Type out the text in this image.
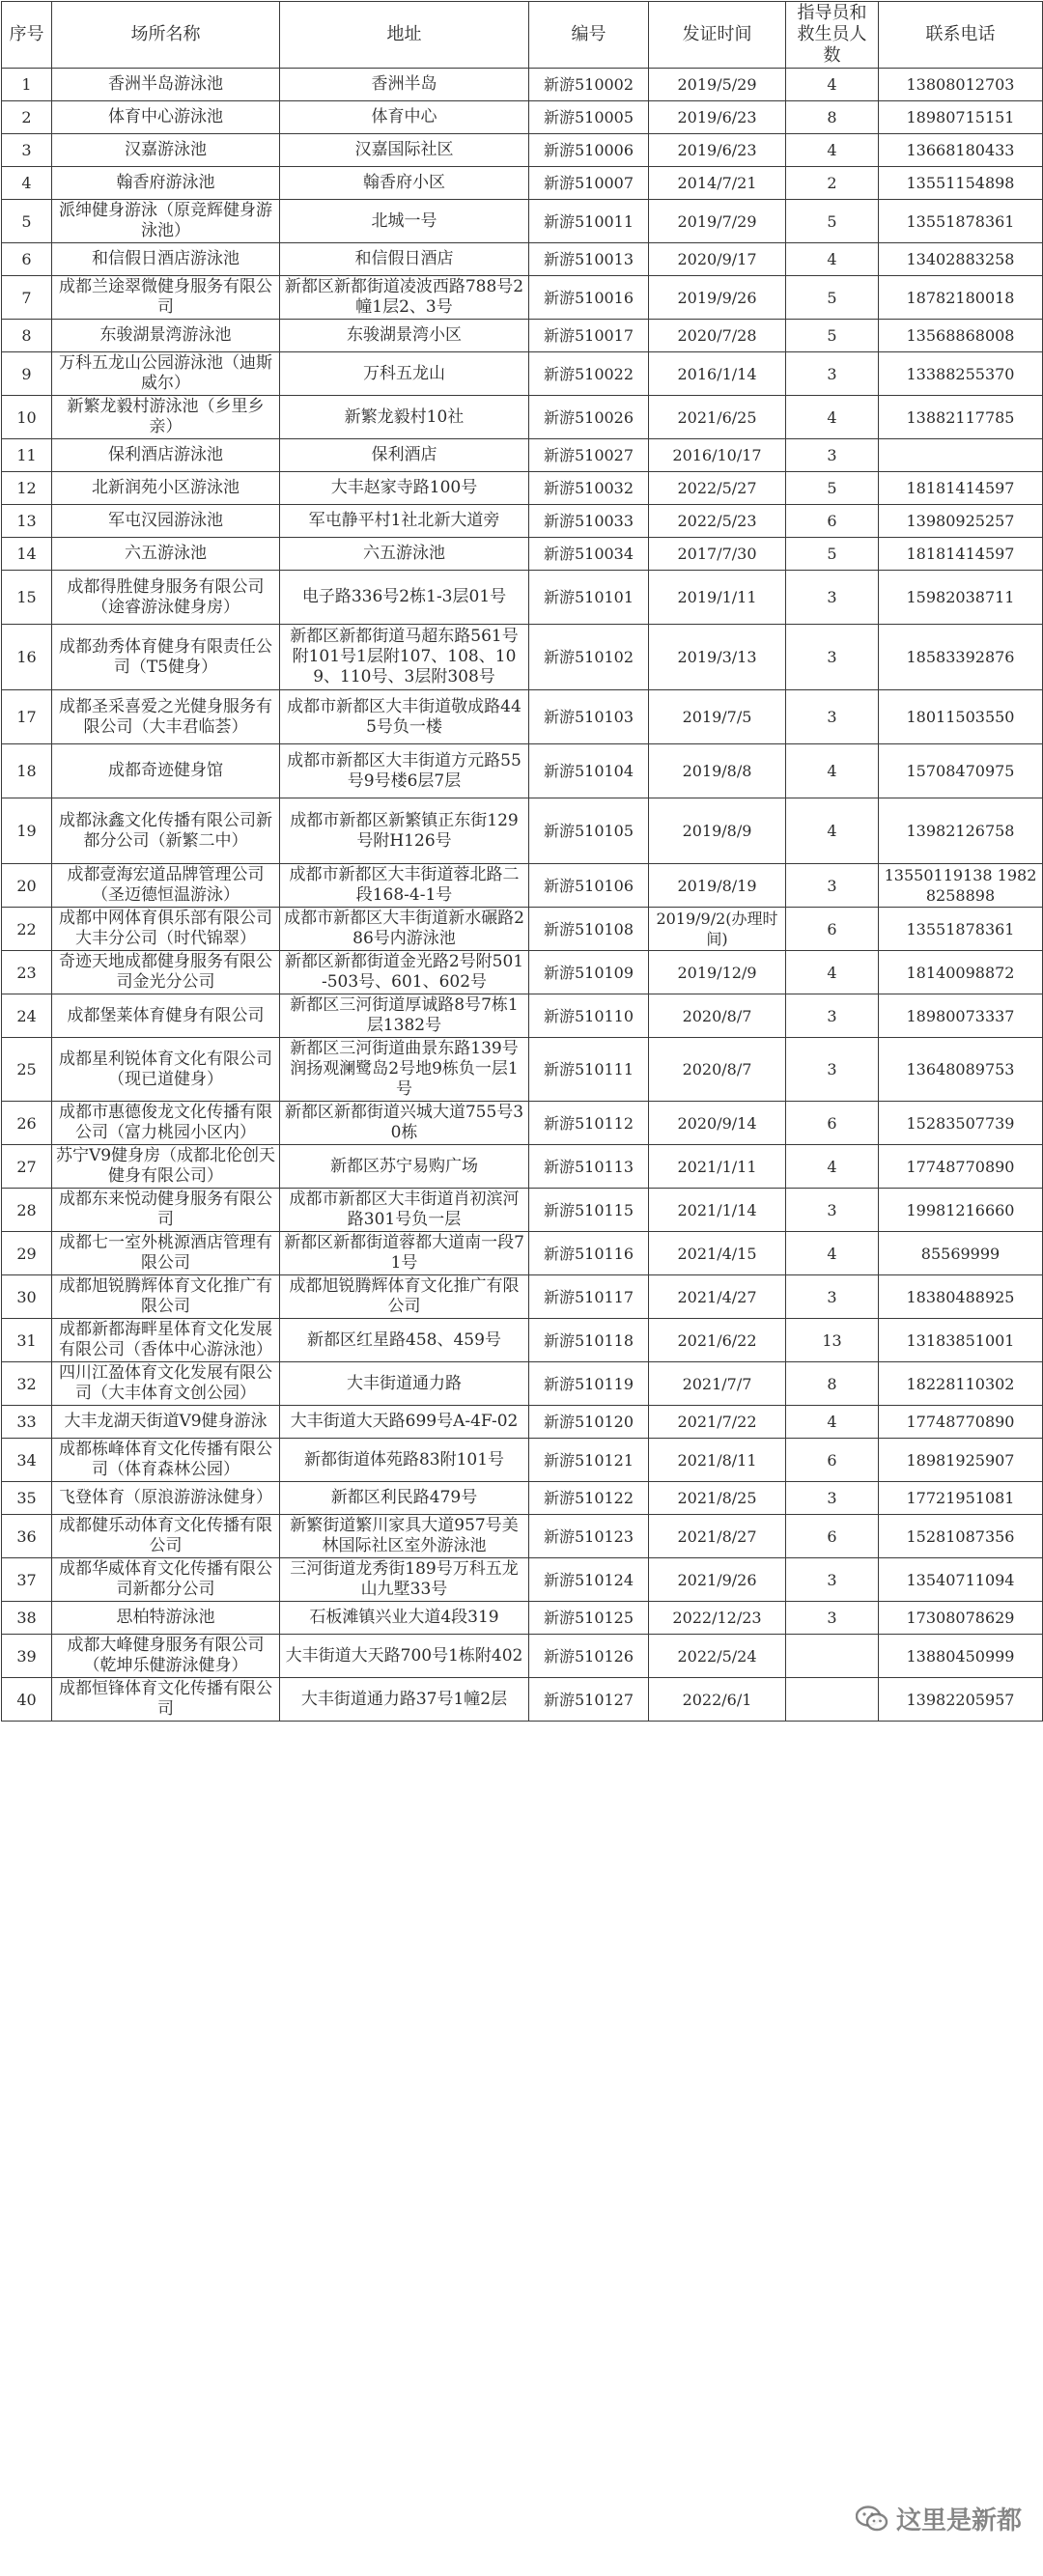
序号	场所名称	地址	编号	发证时间	指导员和救生员人数	联系电话
1	香洲半岛游泳池	香洲半岛	新游510002	2019/5/29	4	13808012703
2	体育中心游泳池	体育中心	新游510005	2019/6/23	8	18980715151
3	汉嘉游泳池	汉嘉国际社区	新游510006	2019/6/23	4	13668180433
4	翰香府游泳池	翰香府小区	新游510007	2014/7/21	2	13551154898
5	派绅健身游泳（原竞辉健身游泳池）	北城一号	新游510011	2019/7/29	5	13551878361
6	和信假日酒店游泳池	和信假日酒店	新游510013	2020/9/17	4	13402883258
7	成都兰途翠微健身服务有限公司	新都区新都街道凌波西路788号2幢1层2、3号	新游510016	2019/9/26	5	18782180018
8	东骏湖景湾游泳池	东骏湖景湾小区	新游510017	2020/7/28	5	13568868008
9	万科五龙山公园游泳池（迪斯威尔）	万科五龙山	新游510022	2016/1/14	3	13388255370
10	新繁龙毅村游泳池（乡里乡亲）	新繁龙毅村10社	新游510026	2021/6/25	4	13882117785
11	保利酒店游泳池	保利酒店	新游510027	2016/10/17	3	
12	北新润苑小区游泳池	大丰赵家寺路100号	新游510032	2022/5/27	5	18181414597
13	军屯汉园游泳池	军屯静平村1社北新大道旁	新游510033	2022/5/23	6	13980925257
14	六五游泳池	六五游泳池	新游510034	2017/7/30	5	18181414597
15	成都得胜健身服务有限公司（途睿游泳健身房）	电子路336号2栋1-3层01号	新游510101	2019/1/11	3	15982038711
16	成都劲秀体育健身有限责任公司（T5健身）	新都区新都街道马超东路561号附101号1层附107、108、109、110号、3层附308号	新游510102	2019/3/13	3	18583392876
17	成都圣采喜爱之光健身服务有限公司（大丰君临荟）	成都市新都区大丰街道敬成路445号负一楼	新游510103	2019/7/5	3	18011503550
18	成都奇迹健身馆	成都市新都区大丰街道方元路55号9号楼6层7层	新游510104	2019/8/8	4	15708470975
19	成都泳鑫文化传播有限公司新都分公司（新繁二中）	成都市新都区新繁镇正东街129号附H126号	新游510105	2019/8/9	4	13982126758
20	成都壹海宏道品牌管理公司（圣迈德恒温游泳）	成都市新都区大丰街道蓉北路二段168-4-1号	新游510106	2019/8/19	3	13550119138 19828258898
22	成都中网体育俱乐部有限公司大丰分公司（时代锦翠）	成都市新都区大丰街道新水碾路286号内游泳池	新游510108	2019/9/2(办理时间)	6	13551878361
23	奇迹天地成都健身服务有限公司金光分公司	新都区新都街道金光路2号附501-503号、601、602号	新游510109	2019/12/9	4	18140098872
24	成都堡莱体育健身有限公司	新都区三河街道厚诚路8号7栋1层1382号	新游510110	2020/8/7	3	18980073337
25	成都星利锐体育文化有限公司（现已道健身）	新都区三河街道曲景东路139号润扬观澜鹭岛2号地9栋负一层1号	新游510111	2020/8/7	3	13648089753
26	成都市惠德俊龙文化传播有限公司（富力桃园小区内）	新都区新都街道兴城大道755号30栋	新游510112	2020/9/14	6	15283507739
27	苏宁V9健身房（成都北伦创天健身有限公司）	新都区苏宁易购广场	新游510113	2021/1/11	4	17748770890
28	成都东来悦动健身服务有限公司	成都市新都区大丰街道肖初滨河路301号负一层	新游510115	2021/1/14	3	19981216660
29	成都七一室外桃源酒店管理有限公司	新都区新都街道蓉都大道南一段71号	新游510116	2021/4/15	4	85569999
30	成都旭锐腾辉体育文化推广有限公司	成都旭锐腾辉体育文化推广有限公司	新游510117	2021/4/27	3	18380488925
31	成都新都海畔星体育文化发展有限公司（香体中心游泳池）	新都区红星路458、459号	新游510118	2021/6/22	13	13183851001
32	四川江盈体育文化发展有限公司（大丰体育文创公园）	大丰街道通力路	新游510119	2021/7/7	8	18228110302
33	大丰龙湖天街道V9健身游泳	大丰街道大天路699号A-4F-02	新游510120	2021/7/22	4	17748770890
34	成都栋峰体育文化传播有限公司（体育森林公园）	新都街道体苑路83附101号	新游510121	2021/8/11	6	18981925907
35	飞登体育（原浪游游泳健身）	新都区利民路479号	新游510122	2021/8/25	3	17721951081
36	成都健乐动体育文化传播有限公司	新繁街道繁川家具大道957号美林国际社区室外游泳池	新游510123	2021/8/27	6	15281087356
37	成都华威体育文化传播有限公司新都分公司	三河街道龙秀街189号万科五龙山九墅33号	新游510124	2021/9/26	3	13540711094
38	思柏特游泳池	石板滩镇兴业大道4段319	新游510125	2022/12/23	3	17308078629
39	成都大峰健身服务有限公司（乾坤乐健游泳健身）	大丰街道大天路700号1栋附402	新游510126	2022/5/24		13880450999
40	成都恒锋体育文化传播有限公司	大丰街道通力路37号1幢2层	新游510127	2022/6/1		13982205957
这里是新都
